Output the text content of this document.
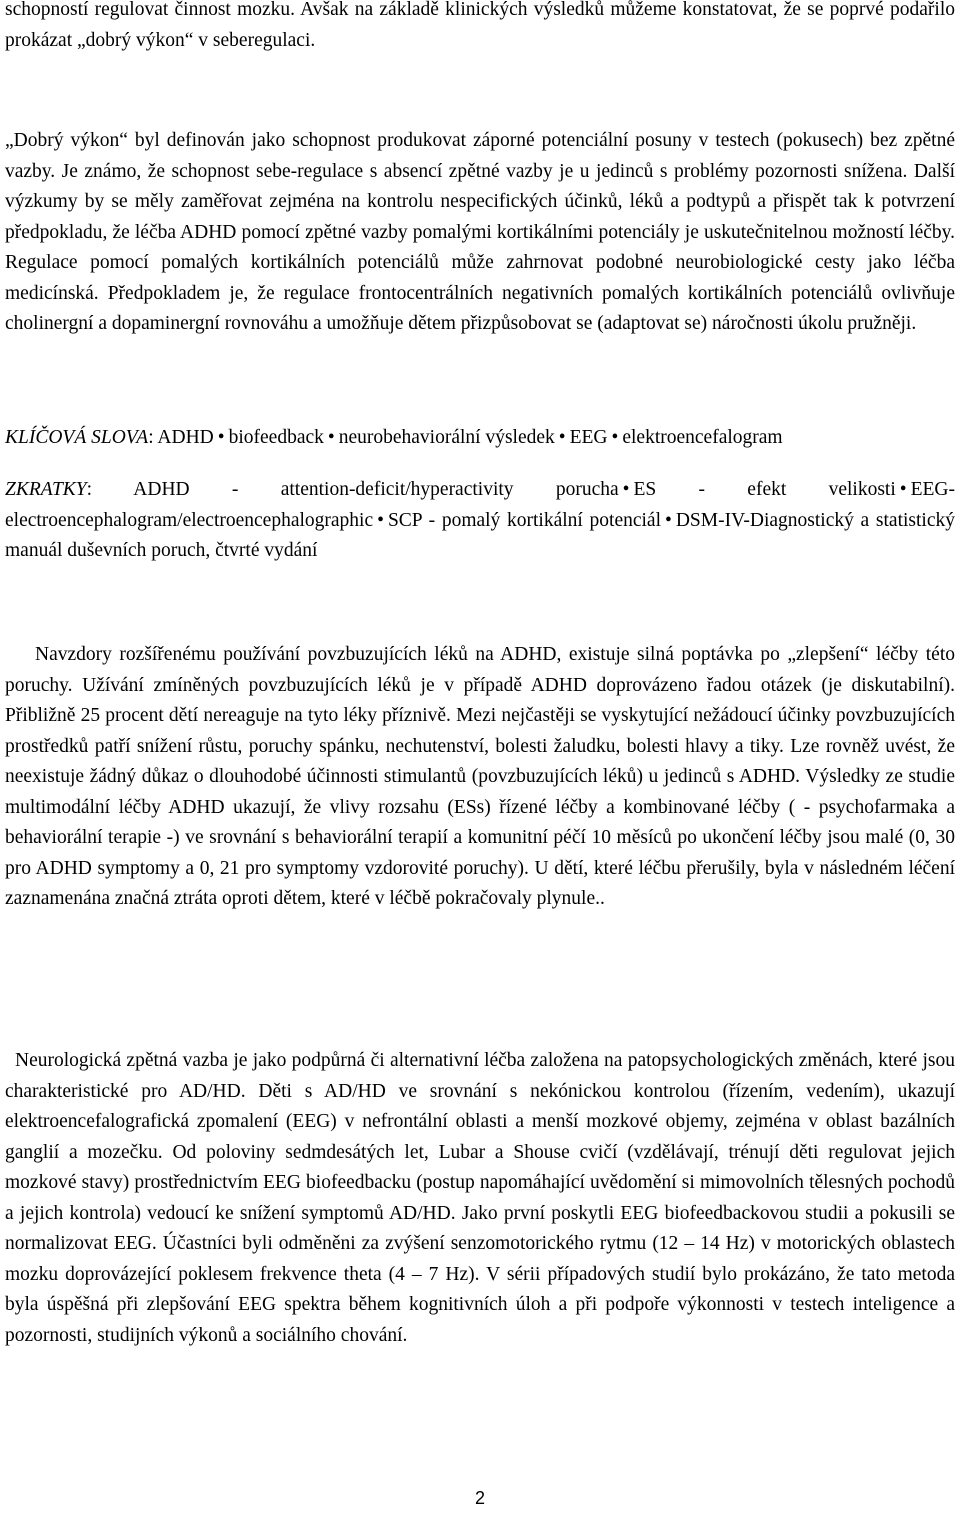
schopností regulovat činnost mozku. Avšak na základě klinických výsledků můžeme konstatovat, že se poprvé podařilo prokázat „dobrý výkon“ v seberegulaci.

„Dobrý výkon“ byl definován jako schopnost produkovat záporné potenciální posuny v testech (pokusech) bez zpětné vazby. Je známo, že schopnost sebe-regulace s absencí zpětné vazby je u jedinců s problémy pozornosti snížena. Další výzkumy by se měly zaměřovat zejména na kontrolu nespecifických účinků, léků a podtypů a přispět tak k potvrzení předpokladu, že léčba ADHD pomocí zpětné vazby pomalými kortikálními potenciály je uskutečnitelnou možností léčby. Regulace pomocí pomalých kortikálních potenciálů může zahrnovat podobné neurobiologické cesty jako léčba medicínská. Předpokladem je, že regulace frontocentrálních negativních pomalých kortikálních potenciálů ovlivňuje cholinergní a dopaminergní rovnováhu a umožňuje dětem přizpůsobovat se (adaptovat se) náročnosti úkolu pružněji.

KLÍČOVÁ SLOVA: ADHD • biofeedback • neurobehaviorální výsledek • EEG • elektroencefalogram

ZKRATKY: ADHD - attention-deficit/hyperactivity porucha • ES - efekt velikosti • EEG-electroencephalogram/electroencephalographic • SCP - pomalý kortikální potenciál • DSM-IV-Diagnostický a statistický manuál duševních poruch, čtvrté vydání

Navzdory rozšířenému používání povzbuzujících léků na ADHD, existuje silná poptávka po „zlepšení“ léčby této poruchy. Užívání zmíněných povzbuzujících léků je v případě ADHD doprovázeno řadou otázek (je diskutabilní). Přibližně 25 procent dětí nereaguje na tyto léky příznivě. Mezi nejčastěji se vyskytující nežádoucí účinky povzbuzujících prostředků patří snížení růstu, poruchy spánku, nechutenství, bolesti žaludku, bolesti hlavy a tiky. Lze rovněž uvést, že neexistuje žádný důkaz o dlouhodobé účinnosti stimulantů (povzbuzujících léků) u jedinců s ADHD. Výsledky ze studie multimodální léčby ADHD ukazují, že vlivy rozsahu (ESs) řízené léčby a kombinované léčby ( - psychofarmaka a behaviorální terapie -) ve srovnání s behaviorální terapií a komunitní péčí 10 měsíců po ukončení léčby jsou malé (0, 30 pro ADHD symptomy a 0, 21 pro symptomy vzdorovité poruchy). U dětí, které léčbu přerušily, byla v následném léčení zaznamenána značná ztráta oproti dětem, které v léčbě pokračovaly plynule..

Neurologická zpětná vazba je jako podpůrná či alternativní léčba založena na patopsychologických změnách, které jsou charakteristické pro AD/HD. Děti s AD/HD ve srovnání s nekónickou kontrolou (řízením, vedením), ukazují elektroencefalografická zpomalení (EEG) v nefrontální oblasti a menší mozkové objemy, zejména v oblast bazálních ganglií a mozečku. Od poloviny sedmdesátých let, Lubar a Shouse cvičí (vzdělávají, trénují děti regulovat jejich mozkové stavy) prostřednictvím EEG biofeedbacku (postup napomáhající uvědomění si mimovolních tělesných pochodů a jejich kontrola) vedoucí ke snížení symptomů AD/HD. Jako první poskytli EEG biofeedbackovou studii a pokusili se normalizovat EEG. Účastníci byli odměněni za zvýšení senzomotorického rytmu (12 – 14 Hz) v motorických oblastech mozku doprovázející poklesem frekvence theta (4 – 7 Hz). V sérii případových studií bylo prokázáno, že tato metoda byla úspěšná při zlepšování EEG spektra během kognitivních úloh a při podpoře výkonnosti v testech inteligence a pozornosti, studijních výkonů a sociálního chování.

2
